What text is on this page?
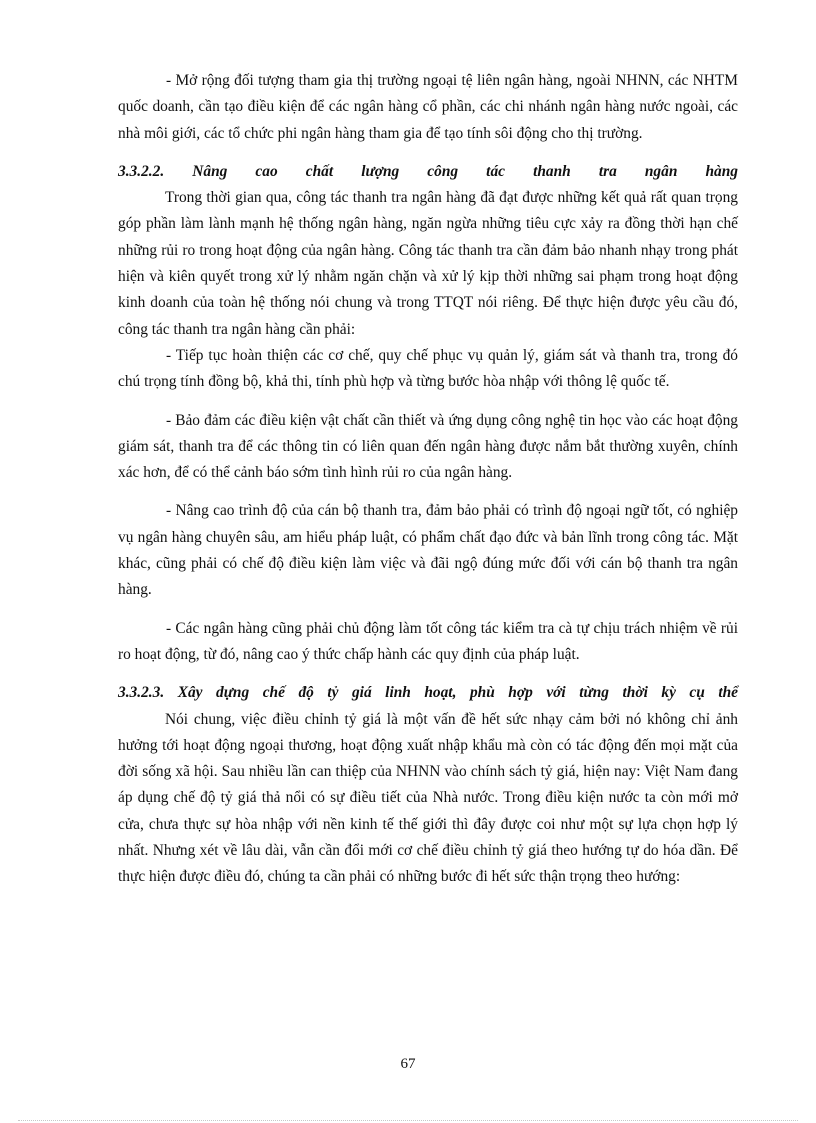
- Mở rộng đối tượng tham gia thị trường ngoại tệ liên ngân hàng, ngoài NHNN, các NHTM quốc doanh, cần tạo điều kiện để các ngân hàng cổ phần, các chi nhánh ngân hàng nước ngoài, các nhà môi giới, các tổ chức phi ngân hàng tham gia để tạo tính sôi động cho thị trường.

3.3.2.2. Nâng cao chất lượng công tác thanh tra ngân hàng

Trong thời gian qua, công tác thanh tra ngân hàng đã đạt được những kết quả rất quan trọng góp phần làm lành mạnh hệ thống ngân hàng, ngăn ngừa những tiêu cực xảy ra đồng thời hạn chế những rủi ro trong hoạt động của ngân hàng. Công tác thanh tra cần đảm bảo nhanh nhạy trong phát hiện và kiên quyết trong xử lý nhằm ngăn chặn và xử lý kịp thời những sai phạm trong hoạt động kinh doanh của toàn hệ thống nói chung và trong TTQT nói riêng. Để thực hiện được yêu cầu đó, công tác thanh tra ngân hàng cần phải:

- Tiếp tục hoàn thiện các cơ chế, quy chế phục vụ quản lý, giám sát và thanh tra, trong đó chú trọng tính đồng bộ, khả thi, tính phù hợp và từng bước hòa nhập với thông lệ quốc tế.

- Bảo đảm các điều kiện vật chất cần thiết và ứng dụng công nghệ tin học vào các hoạt động giám sát, thanh tra để các thông tin có liên quan đến ngân hàng được nắm bắt thường xuyên, chính xác hơn, để có thể cảnh báo sớm tình hình rủi ro của ngân hàng.

- Nâng cao trình độ của cán bộ thanh tra, đảm bảo phải có trình độ ngoại ngữ tốt, có nghiệp vụ ngân hàng chuyên sâu, am hiểu pháp luật, có phẩm chất đạo đức và bản lĩnh trong công tác. Mặt khác, cũng phải có chế độ điều kiện làm việc và đãi ngộ đúng mức đối với cán bộ thanh tra ngân hàng.

- Các ngân hàng cũng phải chủ động làm tốt công tác kiểm tra cà tự chịu trách nhiệm về rủi ro hoạt động, từ đó, nâng cao ý thức chấp hành các quy định của pháp luật.

3.3.2.3. Xây dựng chế độ tỷ giá linh hoạt, phù hợp với từng thời kỳ cụ thể

Nói chung, việc điều chỉnh tỷ giá là một vấn đề hết sức nhạy cảm bởi nó không chỉ ảnh hưởng tới hoạt động ngoại thương, hoạt động xuất nhập khẩu mà còn có tác động đến mọi mặt của đời sống xã hội. Sau nhiều lần can thiệp của NHNN vào chính sách tỷ giá, hiện nay: Việt Nam đang áp dụng chế độ tỷ giá thả nổi có sự điều tiết của Nhà nước. Trong điều kiện nước ta còn mới mở cửa, chưa thực sự hòa nhập với nền kinh tế thế giới thì đây được coi như một sự lựa chọn hợp lý nhất. Nhưng xét về lâu dài, vẫn cần đổi mới cơ chế điều chỉnh tỷ giá theo hướng tự do hóa dần. Để thực hiện được điều đó, chúng ta cần phải có những bước đi hết sức thận trọng theo hướng:

67
